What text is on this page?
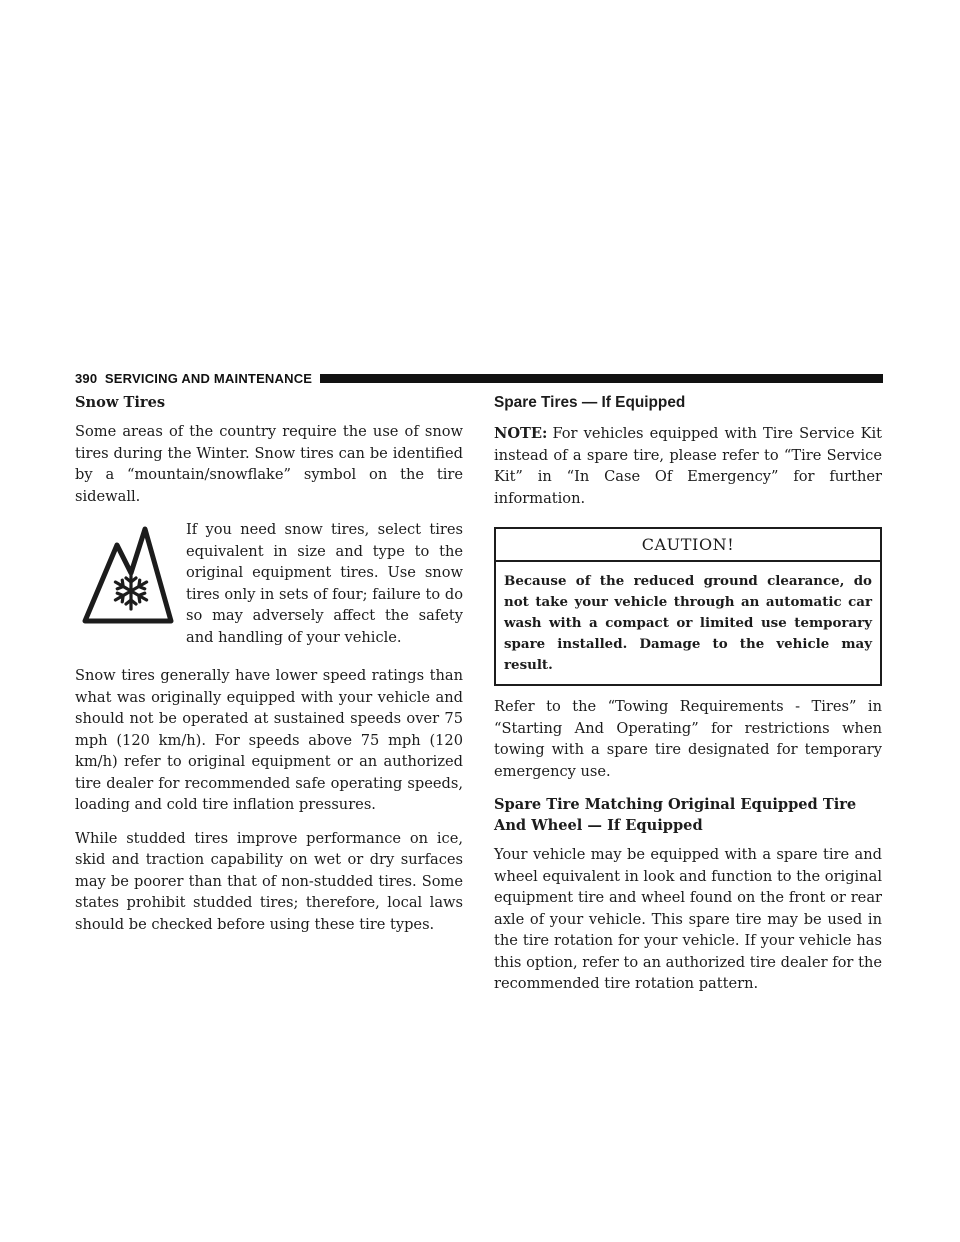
390 SERVICING AND MAINTENANCE
Snow Tires

Some areas of the country require the use of snow tires during the Winter. Snow tires can be identified by a “mountain/snowflake” symbol on the tire sidewall.

If you need snow tires, select tires equivalent in size and type to the original equipment tires. Use snow tires only in sets of four; failure to do so may adversely affect the safety and handling of your vehicle.

Snow tires generally have lower speed ratings than what was originally equipped with your vehicle and should not be operated at sustained speeds over 75 mph (120 km/h). For speeds above 75 mph (120 km/h) refer to original equipment or an authorized tire dealer for recommended safe operating speeds, loading and cold tire inflation pressures.

While studded tires improve performance on ice, skid and traction capability on wet or dry surfaces may be poorer than that of non-studded tires. Some states prohibit studded tires; therefore, local laws should be checked before using these tire types.

Spare Tires — If Equipped

NOTE: For vehicles equipped with Tire Service Kit instead of a spare tire, please refer to “Tire Service Kit” in “In Case Of Emergency” for further information.

CAUTION!
Because of the reduced ground clearance, do not take your vehicle through an automatic car wash with a compact or limited use temporary spare installed. Damage to the vehicle may result.

Refer to the “Towing Requirements - Tires” in “Starting And Operating” for restrictions when towing with a spare tire designated for temporary emergency use.

Spare Tire Matching Original Equipped Tire And Wheel — If Equipped

Your vehicle may be equipped with a spare tire and wheel equivalent in look and function to the original equipment tire and wheel found on the front or rear axle of your vehicle. This spare tire may be used in the tire rotation for your vehicle. If your vehicle has this option, refer to an authorized tire dealer for the recommended tire rotation pattern.
